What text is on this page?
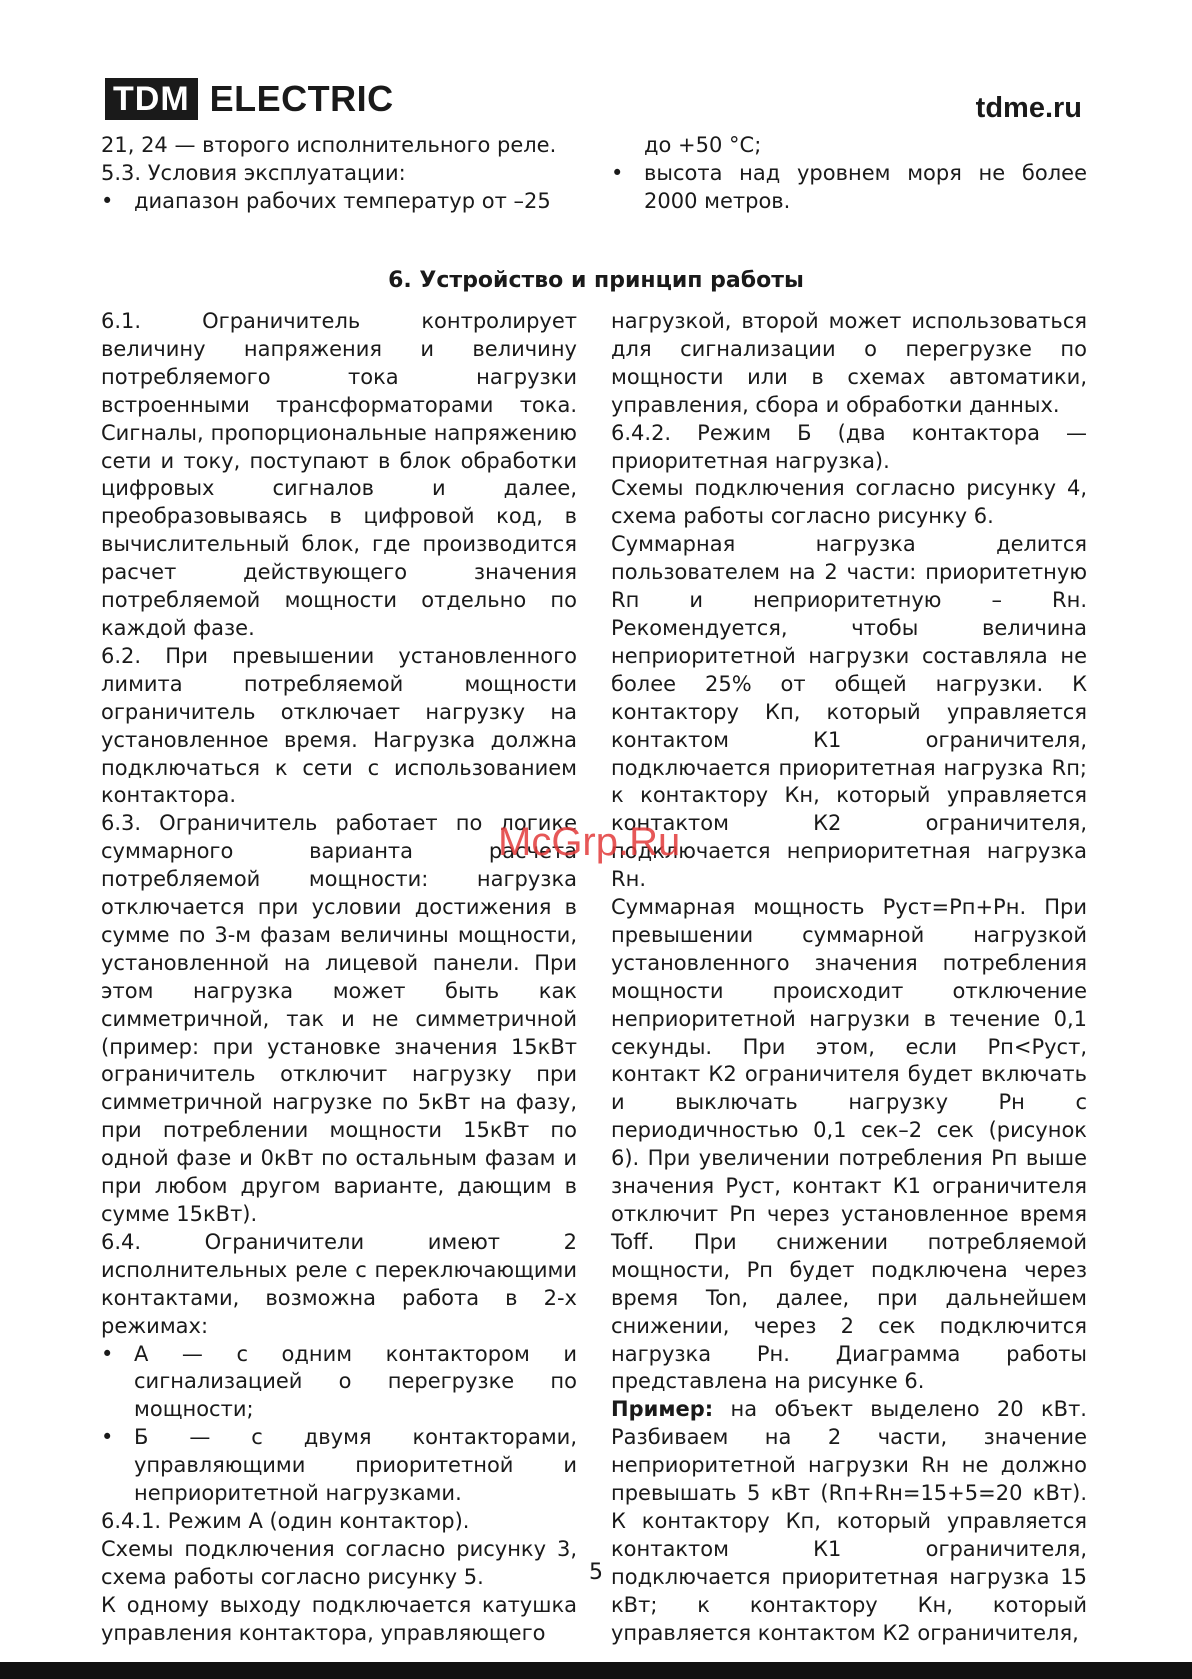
TDM ELECTRIC	tdme.ru

21, 24 — второго исполнительного реле.

5.3. Условия эксплуатации:

• диапазон рабочих температур от –25

до +50 °С;

• высота над уровнем моря не более 2000 метров.
6. Устройство и принцип работы

6.1. Ограничитель контролирует величину напряжения и величину потребляемого тока нагрузки встроенными трансформаторами тока. Сигналы, пропорциональные напряжению сети и току, поступают в блок обработки цифровых сигналов и далее, преобразовываясь в цифровой код, в вычислительный блок, где производится расчет действующего значения потребляемой мощности отдельно по каждой фазе.

6.2. При превышении установленного лимита потребляемой мощности ограничитель отключает нагрузку на установленное время. Нагрузка должна подключаться к сети с использованием контактора.

6.3. Ограничитель работает по логике суммарного варианта расчета потребляемой мощности: нагрузка отключается при условии достижения в сумме по 3-м фазам величины мощности, установленной на лицевой панели. При этом нагрузка может быть как симметричной, так и не симметричной (пример: при установке значения 15кВт ограничитель отключит нагрузку при симметричной нагрузке по 5кВт на фазу, при потреблении мощности 15кВт по одной фазе и 0кВт по остальным фазам и при любом другом варианте, дающим в сумме 15кВт).

6.4. Ограничители имеют 2 исполнительных реле с переключающими контактами, возможна работа в 2-х режимах:

• А — с одним контактором и сигнализацией о перегрузке по мощности;
• Б — с двумя контакторами, управляющими приоритетной и неприоритетной нагрузками.

6.4.1. Режим А (один контактор).

Схемы подключения согласно рисунку 3, схема работы согласно рисунку 5.

К одному выходу подключается катушка управления контактора, управляющего

нагрузкой, второй может использоваться для сигнализации о перегрузке по мощности или в схемах автоматики, управления, сбора и обработки данных.

6.4.2. Режим Б (два контактора — приоритетная нагрузка).

Схемы подключения согласно рисунку 4, схема работы согласно рисунку 6.

Суммарная нагрузка делится пользователем на 2 части: приоритетную Rп и неприоритетную – Rн. Рекомендуется, чтобы величина неприоритетной нагрузки составляла не более 25% от общей нагрузки. К контактору Кп, который управляется контактом К1 ограничителя, подключается приоритетная нагрузка Rп; к контактору Кн, который управляется контактом К2 ограничителя, подключается неприоритетная нагрузка Rн.

Суммарная мощность Руст=Рп+Рн. При превышении суммарной нагрузкой установленного значения потребления мощности происходит отключение неприоритетной нагрузки в течение 0,1 секунды. При этом, если Рп<Руст, контакт К2 ограничителя будет включать и выключать нагрузку Рн с периодичностью 0,1 сек–2 сек (рисунок 6). При увеличении потребления Рп выше значения Руст, контакт К1 ограничителя отключит Рп через установленное время Toff. При снижении потребляемой мощности, Рп будет подключена через время Ton, далее, при дальнейшем снижении, через 2 сек подключится нагрузка Рн. Диаграмма работы представлена на рисунке 6.

Пример: на объект выделено 20 кВт. Разбиваем на 2 части, значение неприоритетной нагрузки Rн не должно превышать 5 кВт (Rп+Rн=15+5=20 кВт). К контактору Кп, который управляется контактом К1 ограничителя, подключается приоритетная нагрузка 15 кВт; к контактору Кн, который управляется контактом К2 ограничителя,

McGrp.Ru
5
